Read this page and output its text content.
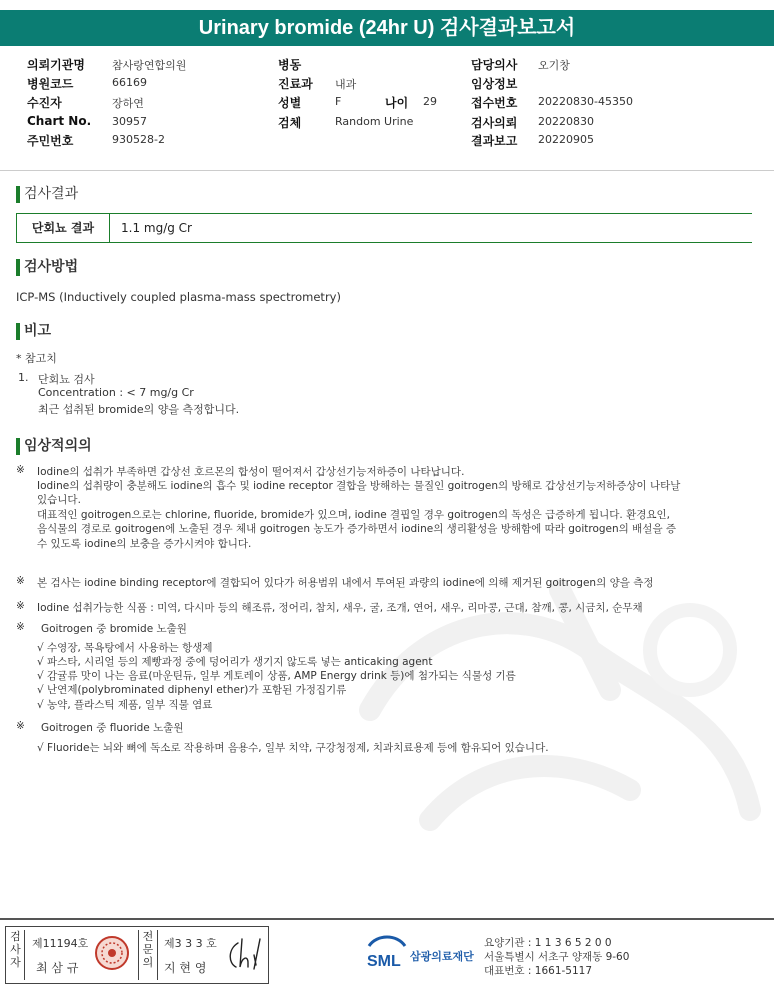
Urinary bromide (24hr U) 검사결과보고서
의뢰기관명 참사랑연합의원
병원코드	66169
수진자	장하연
Chart No. 30957
주민번호	930528-2
병동
진료과 내과
성별	F	나이 29
검체	Random Urine
담당의사 오기창
임상정보
접수번호 20220830-45350
검사의뢰 20220830
결과보고 20220905
검사결과
단회뇨 결과	1.1 mg/g Cr
검사방법
ICP-MS (Inductively coupled plasma-mass spectrometry)
비고
* 참고치
1. 단회뇨 검사
Concentration : < 7 mg/g Cr
최근 섭취된 bromide의 양을 측정합니다.
임상적의의
※ Iodine의 섭취가 부족하면 갑상선 호르몬의 합성이 떨어져서 갑상선기능저하증이 나타납니다.
Iodine의 섭취량이 충분해도 iodine의 흡수 및 iodine receptor 결합을 방해하는 물질인 goitrogen의 방해로 갑상선기능저하증상이 나타날
있습니다.
대표적인 goitrogen으로는 chlorine, fluoride, bromide가 있으며, iodine 결핍일 경우 goitrogen의 독성은 급증하게 됩니다. 환경요인,
음식물의 경로로 goitrogen에 노출된 경우 체내 goitrogen 농도가 증가하면서 iodine의 생리활성을 방해함에 따라 goitrogen의 배설을 증
수 있도록 iodine의 보충을 증가시켜야 합니다.
※ 본 검사는 iodine binding receptor에 결합되어 있다가 허용범위 내에서 투여된 과량의 iodine에 의해 제거된 goitrogen의 양을 측정
※ Iodine 섭취가능한 식품 : 미역, 다시마 등의 해조류, 정어리, 참치, 새우, 굴, 조개, 연어, 새우, 리마콩, 근대, 참깨, 콩, 시금치, 순무채
※ Goitrogen 중 bromide 노출원
√ 수영장, 목욕탕에서 사용하는 항생제
√ 파스타, 시리얼 등의 제빵과정 중에 덩어리가 생기지 않도록 넣는 anticaking agent
√ 감귤류 맛이 나는 음료(마운틴듀, 일부 게토레이 상품, AMP Energy drink 등)에 첨가되는 식물성 기름
√ 난연제(polybrominated diphenyl ether)가 포함된 가정집기류
√ 농약, 플라스틱 제품, 일부 직물 염료
※ Goitrogen 중 fluoride 노출원
√ Fluoride는 뇌와 뼈에 독소로 작용하며 음용수, 일부 치약, 구강청정제, 치과치료용제 등에 함유되어 있습니다.
검
사
자
제11194호
최 삼 규
전
문
의
제3 3 3 호
지 현 영	SML 삼광의료재단
요양기관 : 1 1 3 6 5 2 0 0
서울특별시 서초구 양재동 9-60
대표번호 : 1661-5117
